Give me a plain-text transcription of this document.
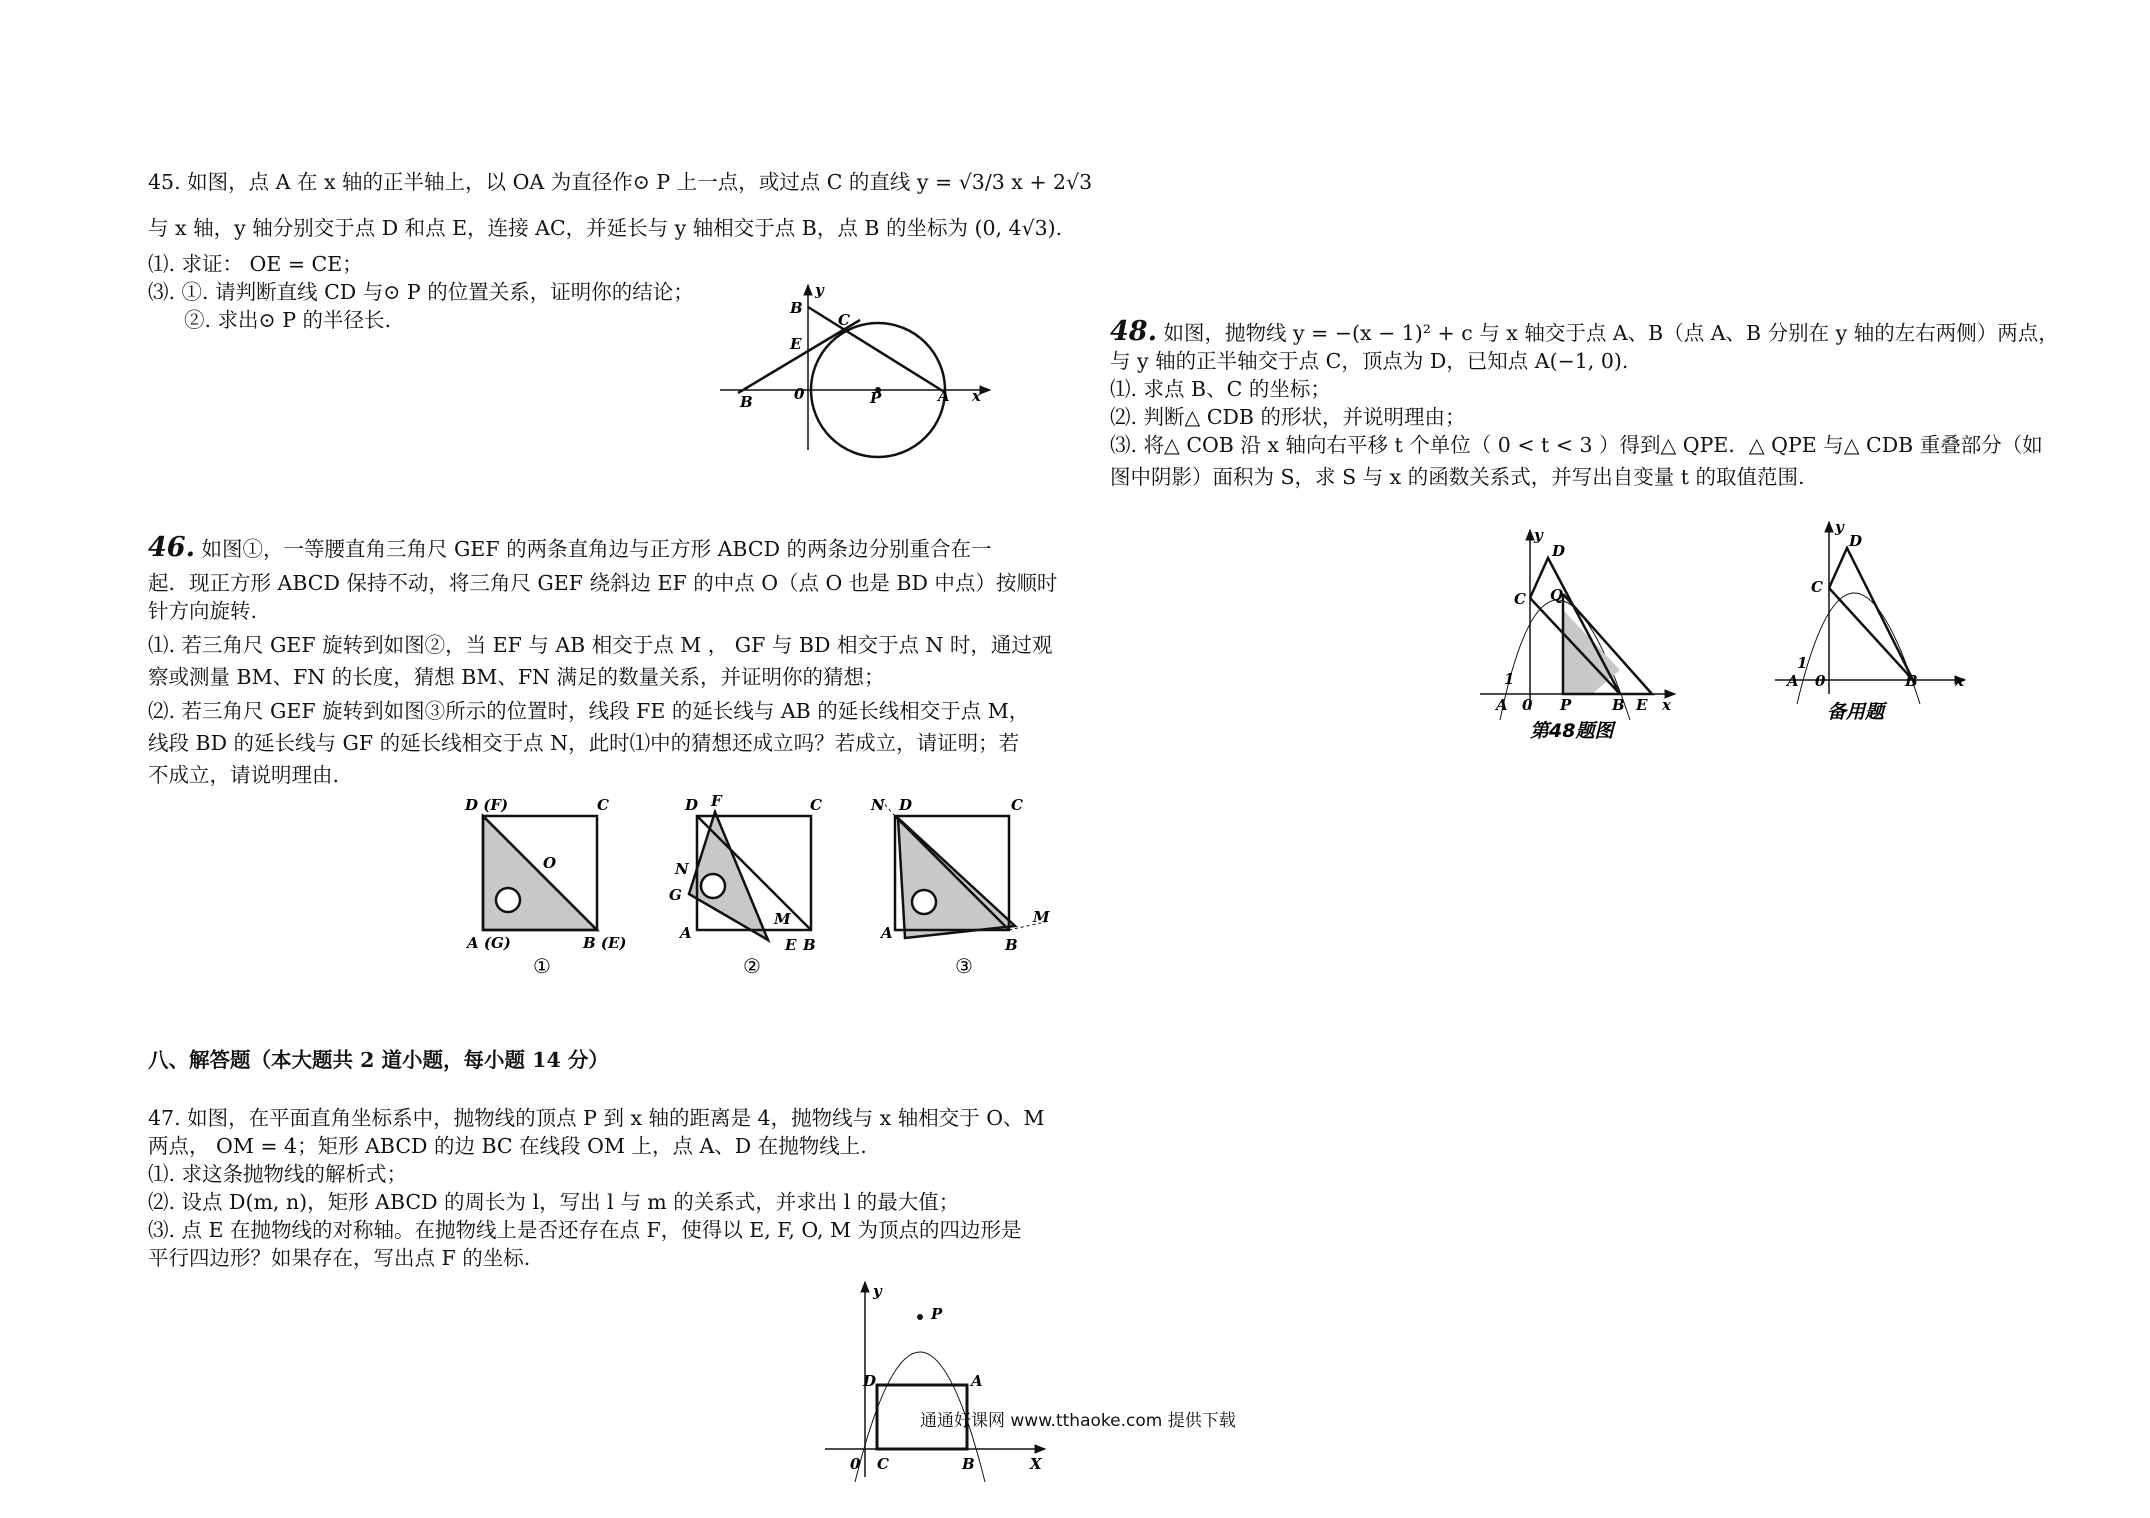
45. 如图，点 A 在 x 轴的正半轴上，以 OA 为直径作⊙ P 上一点，或过点 C 的直线 y = √3/3 x + 2√3

与 x 轴，y 轴分别交于点 D 和点 E，连接 AC，并延长与 y 轴相交于点 B，点 B 的坐标为 (0, 4√3).

⑴. 求证： OE = CE；

⑶. ①. 请判断直线 CD 与⊙ P 的位置关系，证明你的结论；

②. 求出⊙ P 的半径长.	B
y
C
E
B	0	P	A x

46. 如图①，一等腰直角三角尺 GEF 的两条直角边与正方形 ABCD 的两条边分别重合在一

起．现正方形 ABCD 保持不动，将三角尺 GEF 绕斜边 EF 的中点 O（点 O 也是 BD 中点）按顺时

针方向旋转.

⑴. 若三角尺 GEF 旋转到如图②，当 EF 与 AB 相交于点 M ， GF 与 BD 相交于点 N 时，通过观

察或测量 BM、FN 的长度，猜想 BM、FN 满足的数量关系，并证明你的猜想；

⑵. 若三角尺 GEF 旋转到如图③所示的位置时，线段 FE 的延长线与 AB 的延长线相交于点 M，

线段 BD 的延长线与 GF 的延长线相交于点 N，此时⑴中的猜想还成立吗？若成立，请证明；若

不成立，请说明理由.

D (F)	C
O
A (G)	B (E)
①
D F	C
N
G
M
A
E B
②
N D	C
M
A
B
③
八、解答题（本大题共 2 道小题，每小题 14 分）

47. 如图，在平面直角坐标系中，抛物线的顶点 P 到 x 轴的距离是 4，抛物线与 x 轴相交于 O、M

两点， OM = 4；矩形 ABCD 的边 BC 在线段 OM 上，点 A、D 在抛物线上.

⑴. 求这条抛物线的解析式；

⑵. 设点 D(m, n)，矩形 ABCD 的周长为 l，写出 l 与 m 的关系式，并求出 l 的最大值；

⑶. 点 E 在抛物线的对称轴。在抛物线上是否还存在点 F，使得以 E, F, O, M 为顶点的四边形是

平行四边形？如果存在，写出点 F 的坐标.

y
P
D	A
0 C	B	X

48. 如图，抛物线 y = −(x − 1)² + c 与 x 轴交于点 A、B（点 A、B 分别在 y 轴的左右两侧）两点，

与 y 轴的正半轴交于点 C，顶点为 D，已知点 A(−1, 0).

⑴. 求点 B、C 的坐标；

⑵. 判断△ CDB 的形状，并说明理由；

⑶. 将△ COB 沿 x 轴向右平移 t 个单位（ 0 < t < 3 ）得到△ QPE．△ QPE 与△ CDB 重叠部分（如

图中阴影）面积为 S，求 S 与 x 的函数关系式，并写出自变量 t 的取值范围.

y
D
C Q
1
A 0 P	B E x
第48题图
y
D
C
1
A 0	B x
备用题
通通好课网 www.tthaoke.com 提供下载
